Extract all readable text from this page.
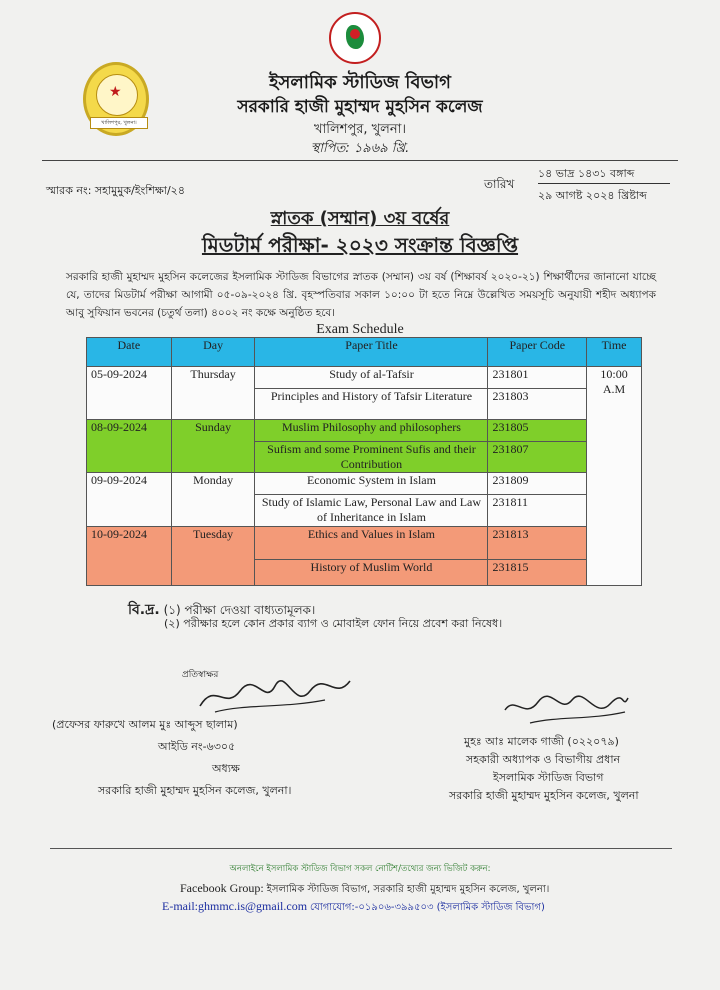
★
খালিশপুর, খুলনা।
ইসলামিক স্টাডিজ বিভাগ
সরকারি হাজী মুহাম্মদ মুহসিন কলেজ
খালিশপুর, খুলনা।
স্থাপিত: ১৯৬৯ খ্রি.
স্মারক নং: সহামুমুক/ইংশিক্ষা/২৪	তারিখ
১৪ ভাদ্র ১৪৩১ বঙ্গাব্দ
২৯ আগষ্ট ২০২৪ খ্রিষ্টাব্দ
স্নাতক (সম্মান) ৩য় বর্ষের
মিডটার্ম পরীক্ষা- ২০২৩ সংক্রান্ত বিজ্ঞপ্তি
সরকারি হাজী মুহাম্মদ মুহসিন কলেজের ইসলামিক স্টাডিজ বিভাগের স্নাতক (সম্মান) ৩য় বর্ষ (শিক্ষাবর্ষ ২০২০-২১) শিক্ষার্থীদের জানানো যাচ্ছে যে, তাদের মিডটার্ম পরীক্ষা আগামী ০৫-০৯-২০২৪ খ্রি. বৃহস্পতিবার সকাল ১০:০০ টা হতে নিম্নে উল্লেখিত সময়সূচি অনুযায়ী শহীদ অধ্যাপক আবু সুফিয়ান ভবনের (চতুর্থ তলা) ৪০০২ নং কক্ষে অনুষ্ঠিত হবে।
Exam Schedule
Date	Day	Paper Title	Paper Code	Time
05-09-2024	Thursday	Study of al-Tafsir	231801	10:00 A.M
		Principles and History of Tafsir Literature	231803	
08-09-2024	Sunday	Muslim Philosophy and philosophers	231805	
		Sufism and some Prominent Sufis and their Contribution	231807	
09-09-2024	Monday	Economic System in Islam	231809	
		Study of Islamic Law, Personal Law and Law of Inheritance in Islam	231811	
10-09-2024	Tuesday	Ethics and Values in Islam	231813	
		History of Muslim World	231815	
বি.দ্র. (১) পরীক্ষা দেওয়া বাধ্যতামূলক।
(২) পরীক্ষার হলে কোন প্রকার ব্যাগ ও মোবাইল ফোন নিয়ে প্রবেশ করা নিষেধ।
প্রতিস্বাক্ষর
(প্রফেসর ফারুখে আলম মুঃ আব্দুস ছালাম)
আইডি নং-৬৩০৫
অধ্যক্ষ
সরকারি হাজী মুহাম্মদ মুহসিন কলেজ, খুলনা।
মুহঃ আঃ মালেক গাজী (০২২০৭৯)
সহকারী অধ্যাপক ও বিভাগীয় প্রধান
ইসলামিক স্টাডিজ বিভাগ
সরকারি হাজী মুহাম্মদ মুহসিন কলেজ, খুলনা
অনলাইনে ইসলামিক স্টাডিজ বিভাগ সকল নোটিশ/তথ্যের জন্য ভিজিট করুন:
Facebook Group: ইসলামিক স্টাডিজ বিভাগ, সরকারি হাজী মুহাম্মদ মুহসিন কলেজ, খুলনা।
E-mail:ghmmc.is@gmail.com যোগাযোগ:-০১৯০৬-৩৯৯৫০৩ (ইসলামিক স্টাডিজ বিভাগ)
